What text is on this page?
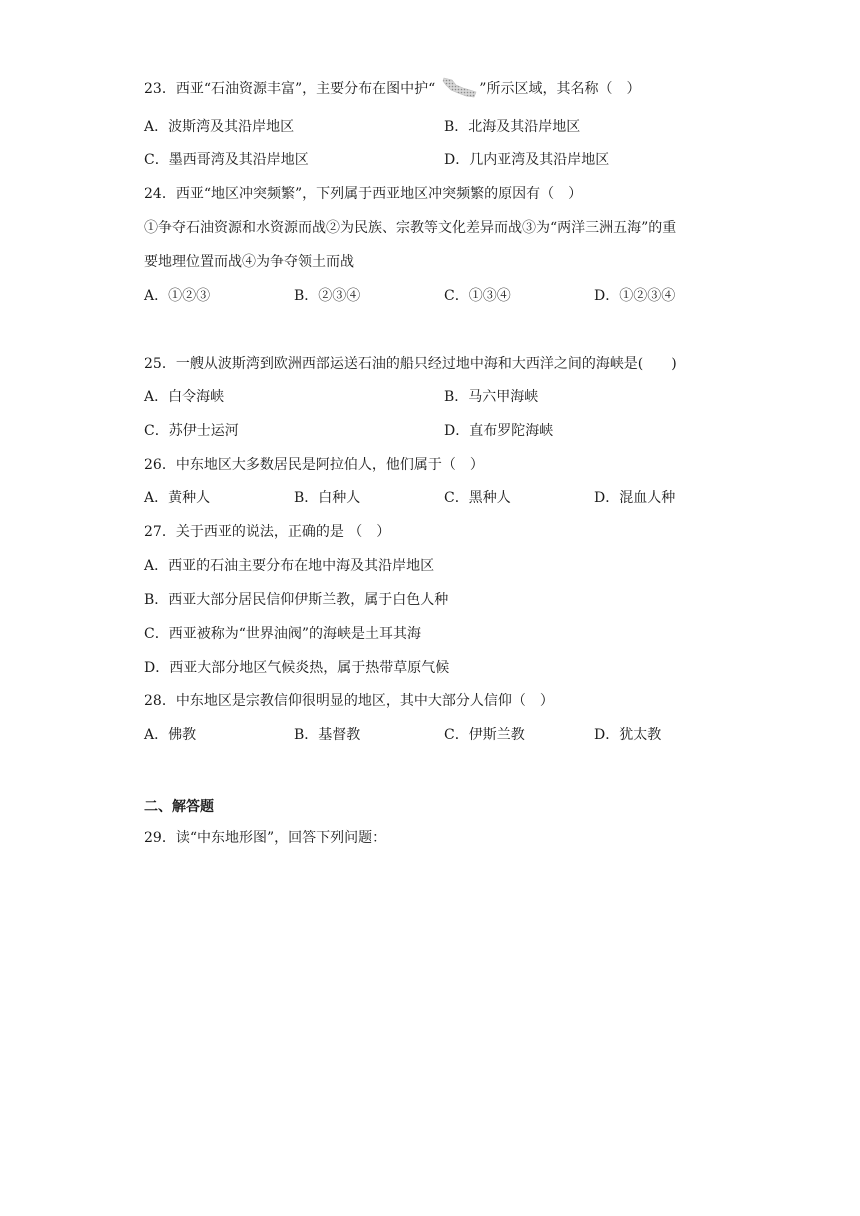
23．西亚“石油资源丰富”，主要分布在图中护“	”所示区域，其名称（　）
A．波斯湾及其沿岸地区	B．北海及其沿岸地区
C．墨西哥湾及其沿岸地区	D．几内亚湾及其沿岸地区
24．西亚“地区冲突频繁”，下列属于西亚地区冲突频繁的原因有（　）
①争夺石油资源和水资源而战②为民族、宗教等文化差异而战③为“两洋三洲五海”的重
要地理位置而战④为争夺领土而战
A．①②③	B．②③④	C．①③④	D．①②③④
25．一艘从波斯湾到欧洲西部运送石油的船只经过地中海和大西洋之间的海峡是(　　)
A．白令海峡	B．马六甲海峡
C．苏伊士运河	D．直布罗陀海峡
26．中东地区大多数居民是阿拉伯人，他们属于（　）
A．黄种人	B．白种人	C．黑种人	D．混血人种
27．关于西亚的说法，正确的是 （　）
A．西亚的石油主要分布在地中海及其沿岸地区
B．西亚大部分居民信仰伊斯兰教，属于白色人种
C．西亚被称为“世界油阀”的海峡是土耳其海
D．西亚大部分地区气候炎热，属于热带草原气候
28．中东地区是宗教信仰很明显的地区，其中大部分人信仰（　）
A．佛教	B．基督教	C．伊斯兰教	D．犹太教
二、解答题
29．读“中东地形图”，回答下列问题：
